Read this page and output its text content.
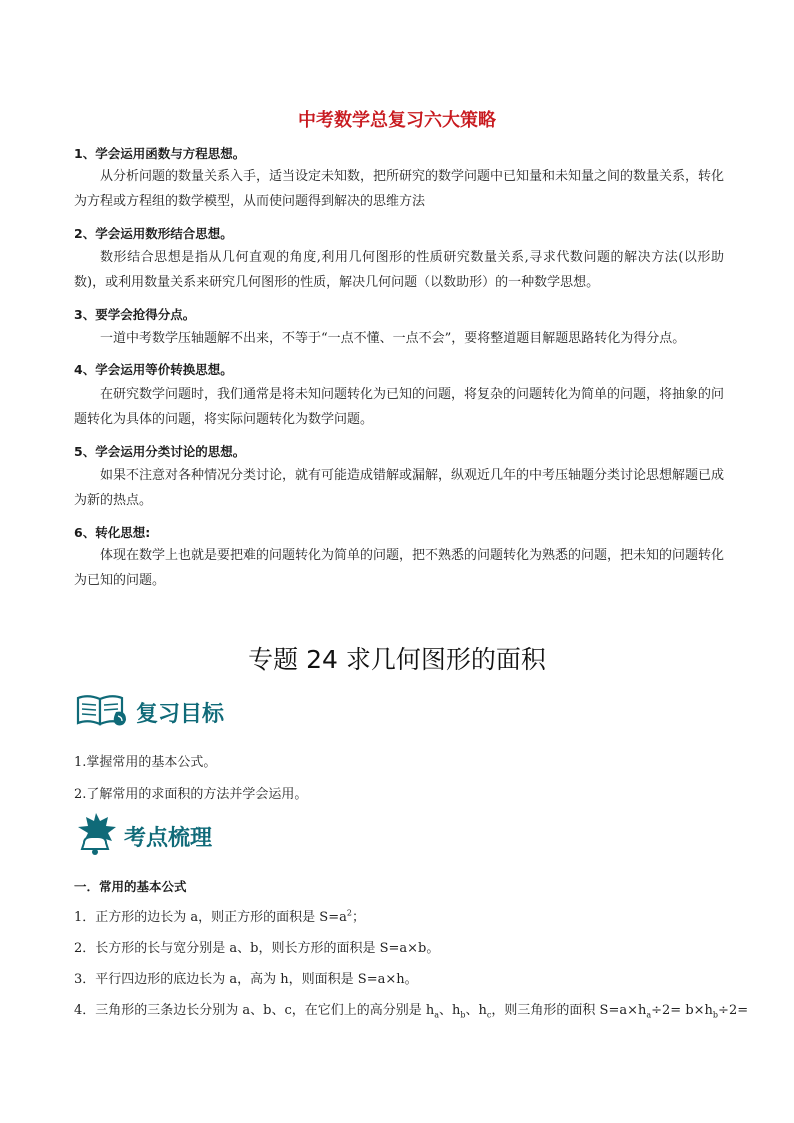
中考数学总复习六大策略
1、学会运用函数与方程思想。
从分析问题的数量关系入手，适当设定未知数，把所研究的数学问题中已知量和未知量之间的数量关系，转化为方程或方程组的数学模型，从而使问题得到解决的思维方法
2、学会运用数形结合思想。
数形结合思想是指从几何直观的角度,利用几何图形的性质研究数量关系,寻求代数问题的解决方法(以形助数)，或利用数量关系来研究几何图形的性质，解决几何问题（以数助形）的一种数学思想。
3、要学会抢得分点。
一道中考数学压轴题解不出来，不等于“一点不懂、一点不会”，要将整道题目解题思路转化为得分点。
4、学会运用等价转换思想。
在研究数学问题时，我们通常是将未知问题转化为已知的问题，将复杂的问题转化为简单的问题，将抽象的问题转化为具体的问题，将实际问题转化为数学问题。
5、学会运用分类讨论的思想。
如果不注意对各种情况分类讨论，就有可能造成错解或漏解，纵观近几年的中考压轴题分类讨论思想解题已成为新的热点。
6、转化思想:
体现在数学上也就是要把难的问题转化为简单的问题，把不熟悉的问题转化为熟悉的问题，把未知的问题转化为已知的问题。
专题 24 求几何图形的面积
复习目标
1.掌握常用的基本公式。
2.了解常用的求面积的方法并学会运用。
考点梳理
一．常用的基本公式
1．正方形的边长为 a，则正方形的面积是 $S=a^2$；
2．长方形的长与宽分别是 a、b，则长方形的面积是 S=a×b。
3．平行四边形的底边长为 a，高为 h，则面积是 S=a×h。
4．三角形的三条边长分别为 a、b、c，在它们上的高分别是 $h_a$、$h_b$、$h_c$，则三角形的面积 $S=a\times h_a\div 2= b\times h_b\div 2=$
